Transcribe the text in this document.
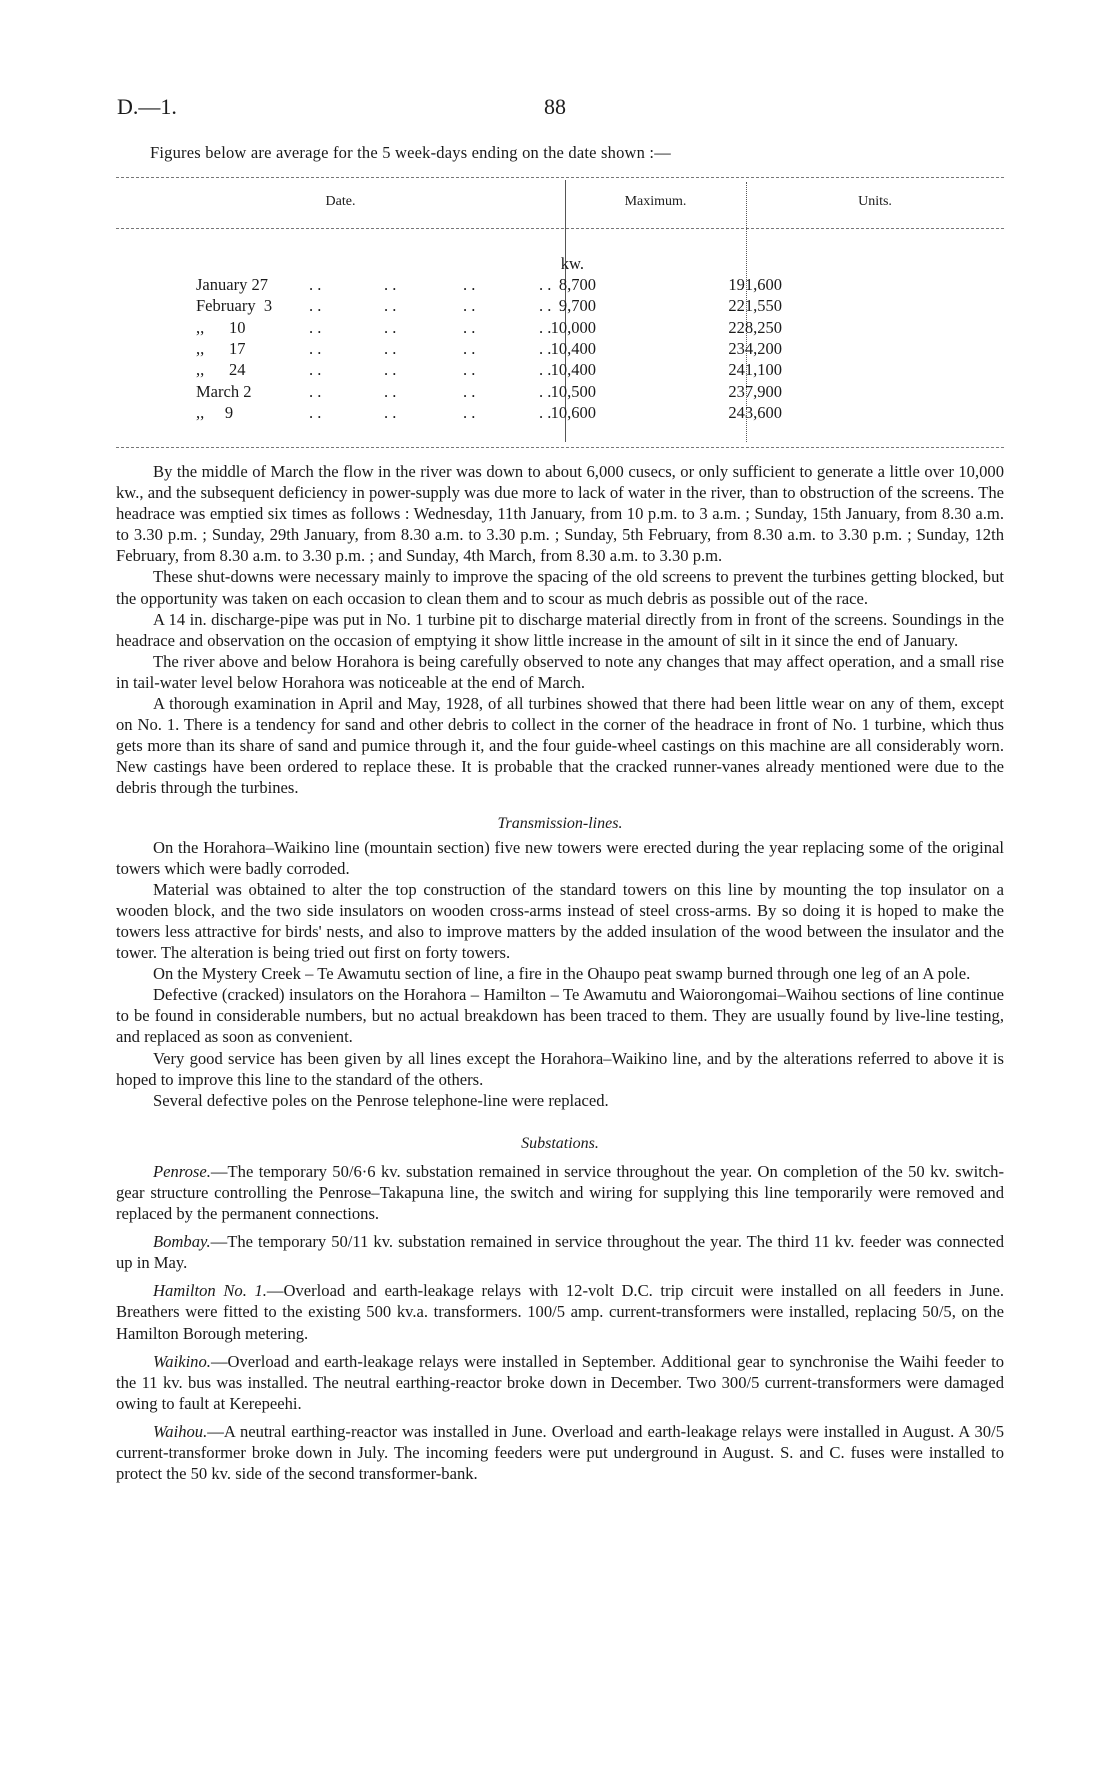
D.—1.	88
Figures below are average for the 5 week-days ending on the date shown :—
Date.	Maximum.	Units.
kw.
January 27 . .	. .	. .	. . 8,700	191,600
February  3 . .	. .	. .	. . 9,700	221,550
,,      10	. .	. .	. .	. . 10,000	228,250
,,      17	. .	. .	. .	. . 10,400	234,200
,,      24	. .	. .	. .	. . 10,400	241,100
March 2	. .	. .	. .	. . 10,500	237,900
,,     9	. .	. .	. .	. . 10,600	243,600

By the middle of March the flow in the river was down to about 6,000 cusecs, or only sufficient to generate a little over 10,000 kw., and the subsequent deficiency in power-supply was due more to lack of water in the river, than to obstruction of the screens. The headrace was emptied six times as follows : Wednesday, 11th January, from 10 p.m. to 3 a.m. ; Sunday, 15th January, from 8.30 a.m. to 3.30 p.m. ; Sunday, 29th January, from 8.30 a.m. to 3.30 p.m. ; Sunday, 5th February, from 8.30 a.m. to 3.30 p.m. ; Sunday, 12th February, from 8.30 a.m. to 3.30 p.m. ; and Sunday, 4th March, from 8.30 a.m. to 3.30 p.m.

These shut-downs were necessary mainly to improve the spacing of the old screens to prevent the turbines getting blocked, but the opportunity was taken on each occasion to clean them and to scour as much debris as possible out of the race.

A 14 in. discharge-pipe was put in No. 1 turbine pit to discharge material directly from in front of the screens. Soundings in the headrace and observation on the occasion of emptying it show little increase in the amount of silt in it since the end of January.

The river above and below Horahora is being carefully observed to note any changes that may affect operation, and a small rise in tail-water level below Horahora was noticeable at the end of March.

A thorough examination in April and May, 1928, of all turbines showed that there had been little wear on any of them, except on No. 1. There is a tendency for sand and other debris to collect in the corner of the headrace in front of No. 1 turbine, which thus gets more than its share of sand and pumice through it, and the four guide-wheel castings on this machine are all considerably worn. New castings have been ordered to replace these. It is probable that the cracked runner-vanes already mentioned were due to the debris through the turbines.

Transmission-lines.

On the Horahora–Waikino line (mountain section) five new towers were erected during the year replacing some of the original towers which were badly corroded.

Material was obtained to alter the top construction of the standard towers on this line by mounting the top insulator on a wooden block, and the two side insulators on wooden cross-arms instead of steel cross-arms. By so doing it is hoped to make the towers less attractive for birds' nests, and also to improve matters by the added insulation of the wood between the insulator and the tower. The alteration is being tried out first on forty towers.

On the Mystery Creek – Te Awamutu section of line, a fire in the Ohaupo peat swamp burned through one leg of an A pole.

Defective (cracked) insulators on the Horahora – Hamilton – Te Awamutu and Waiorongomai–Waihou sections of line continue to be found in considerable numbers, but no actual breakdown has been traced to them. They are usually found by live-line testing, and replaced as soon as convenient.

Very good service has been given by all lines except the Horahora–Waikino line, and by the alterations referred to above it is hoped to improve this line to the standard of the others.

Several defective poles on the Penrose telephone-line were replaced.

Substations.

Penrose.—The temporary 50/6·6 kv. substation remained in service throughout the year. On completion of the 50 kv. switch-gear structure controlling the Penrose–Takapuna line, the switch and wiring for supplying this line temporarily were removed and replaced by the permanent connections.

Bombay.—The temporary 50/11 kv. substation remained in service throughout the year. The third 11 kv. feeder was connected up in May.

Hamilton No. 1.—Overload and earth-leakage relays with 12-volt D.C. trip circuit were installed on all feeders in June. Breathers were fitted to the existing 500 kv.a. transformers. 100/5 amp. current-transformers were installed, replacing 50/5, on the Hamilton Borough metering.

Waikino.—Overload and earth-leakage relays were installed in September. Additional gear to synchronise the Waihi feeder to the 11 kv. bus was installed. The neutral earthing-reactor broke down in December. Two 300/5 current-transformers were damaged owing to fault at Kerepeehi.

Waihou.—A neutral earthing-reactor was installed in June. Overload and earth-leakage relays were installed in August. A 30/5 current-transformer broke down in July. The incoming feeders were put underground in August. S. and C. fuses were installed to protect the 50 kv. side of the second transformer-bank.
